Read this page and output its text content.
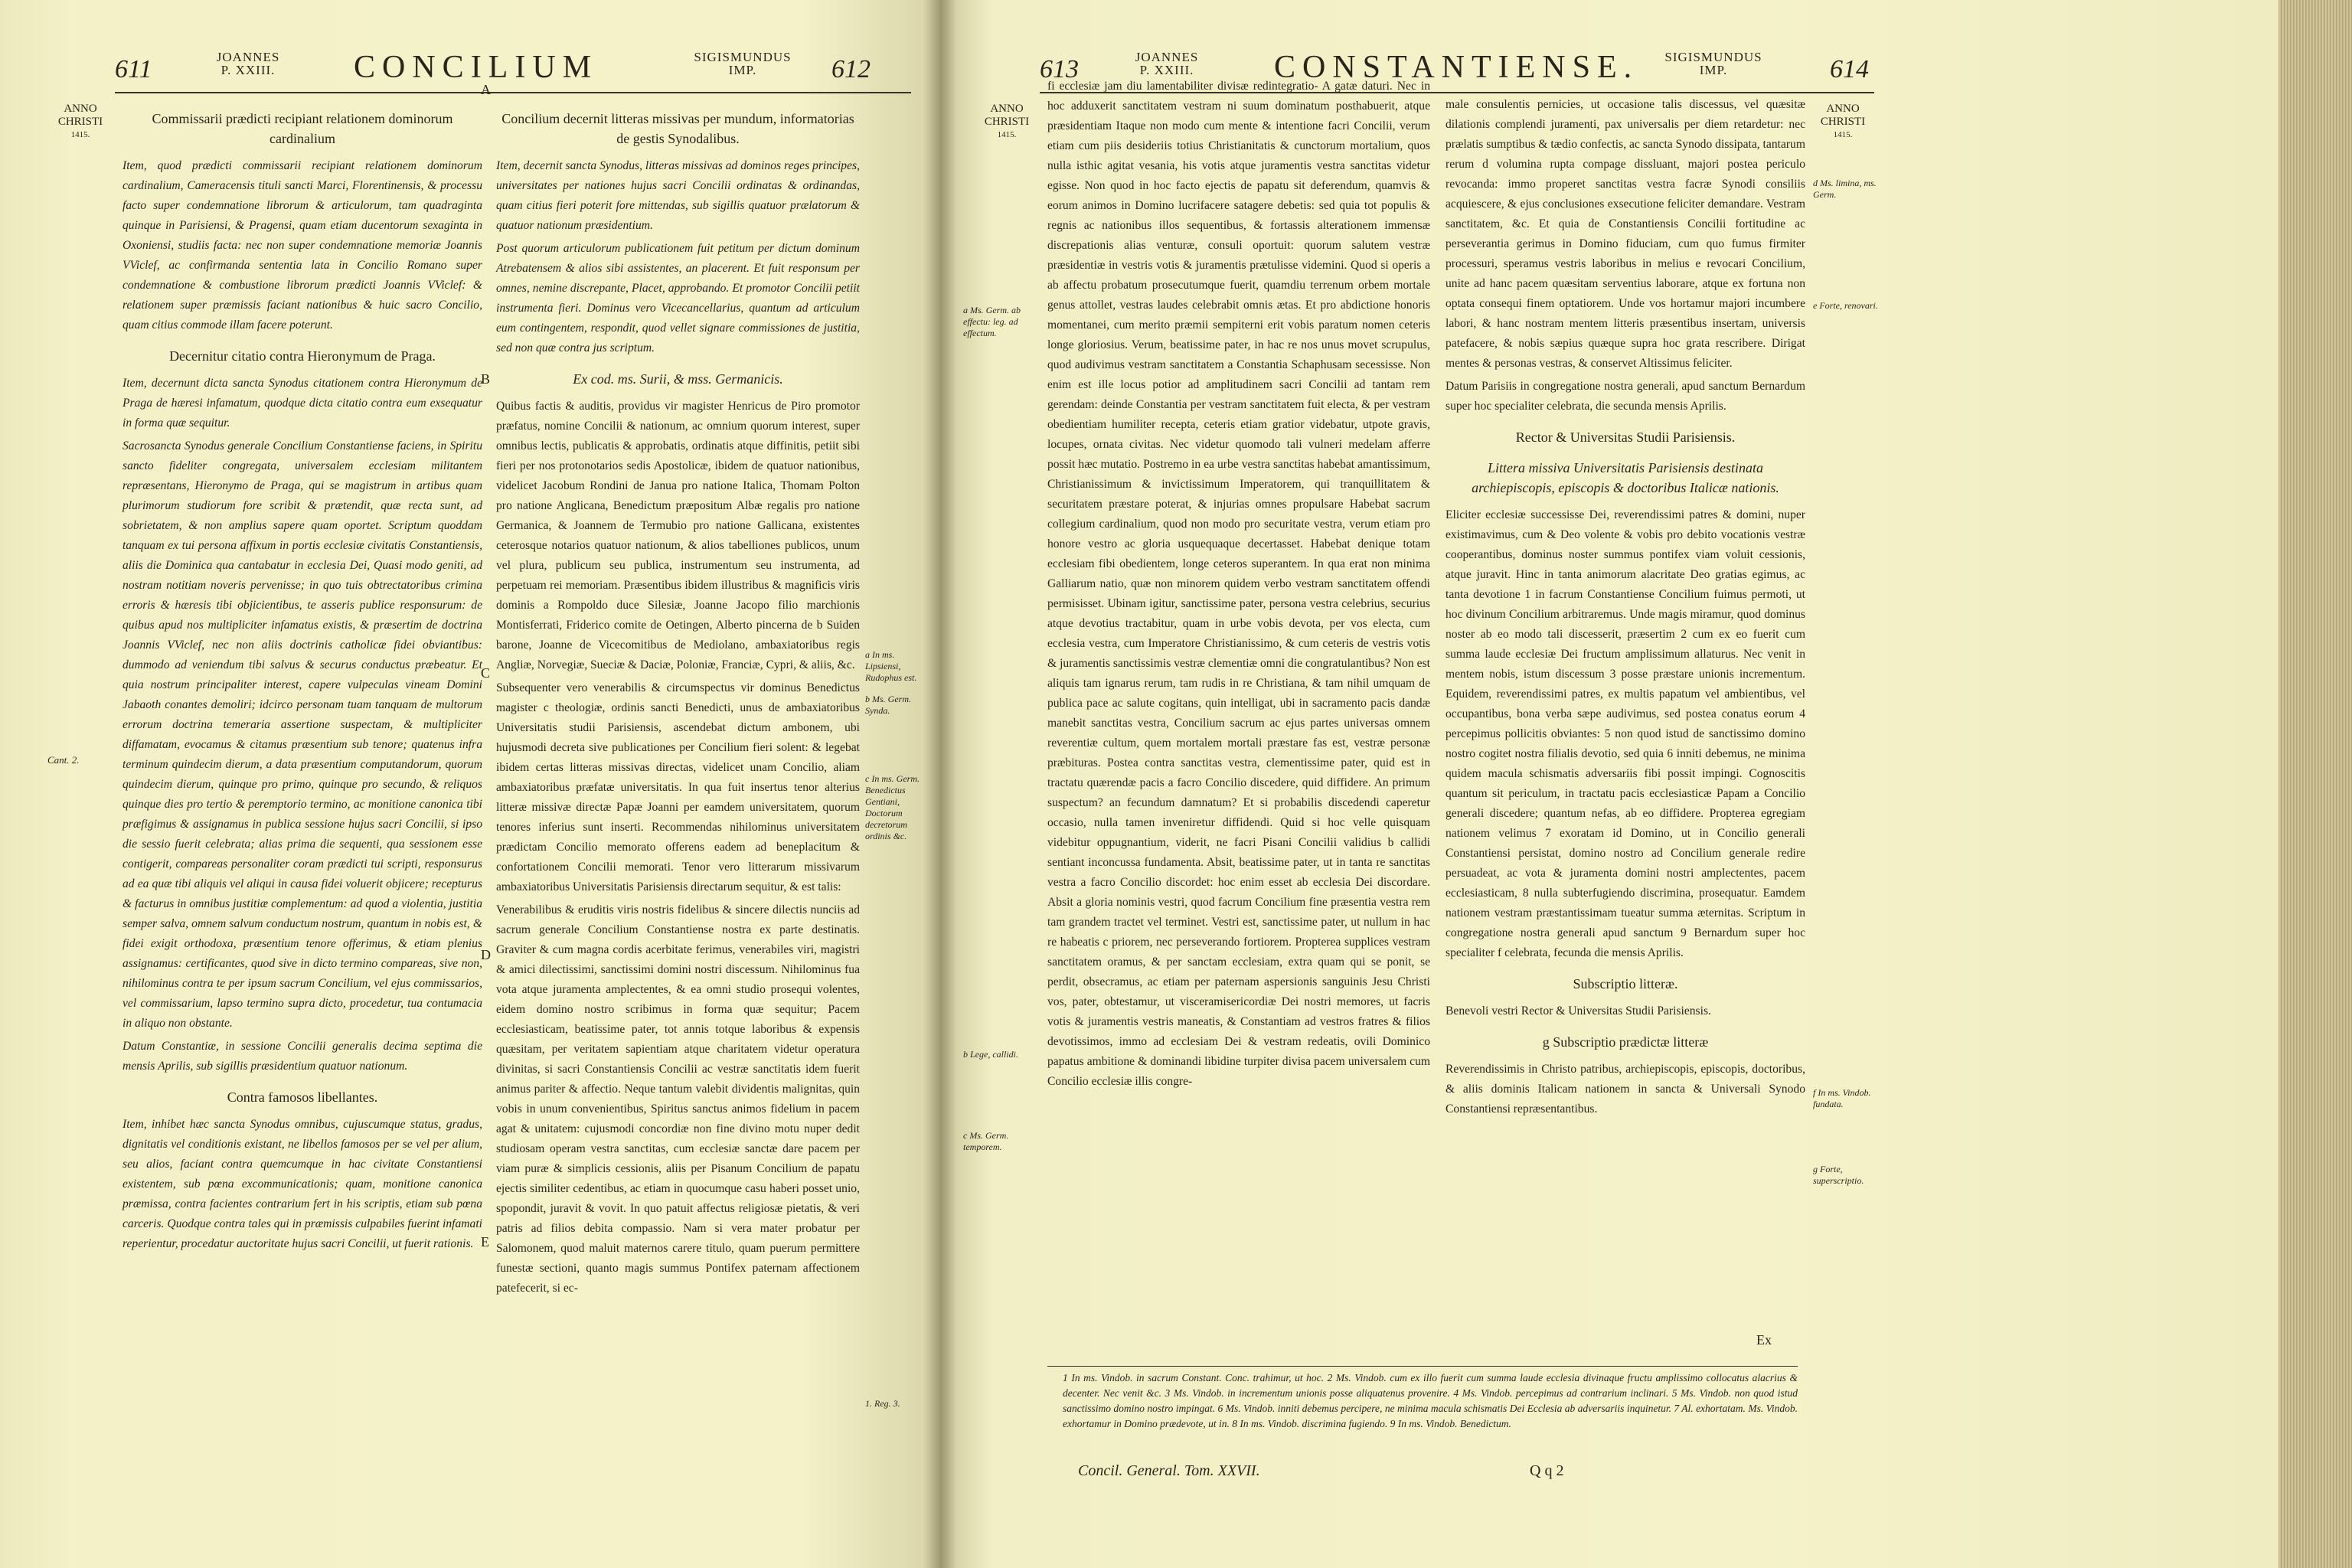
611	JOANNES
P. XXIII.	CONCILIUM	SIGISMUNDUS
IMP.	612
ANNO
CHRISTI
1415.
Commissarii prædicti recipiant relationem dominorum cardinalium

Item, quod prædicti commissarii recipiant relationem dominorum cardinalium, Cameracensis tituli sancti Marci, Florentinensis, & processu facto super condemnatione librorum & articulorum, tam quadraginta quinque in Parisiensi, & Pragensi, quam etiam ducentorum sexaginta in Oxoniensi, studiis facta: nec non super condemnatione memoriæ Joannis VViclef, ac confirmanda sententia lata in Concilio Romano super condemnatione & combustione librorum prædicti Joannis VViclef: & relationem super præmissis faciant nationibus & huic sacro Concilio, quam citius commode illam facere poterunt.

Decernitur citatio contra Hieronymum de Praga.

Item, decernunt dicta sancta Synodus citationem contra Hieronymum de Praga de hæresi infamatum, quodque dicta citatio contra eum exsequatur in forma quæ sequitur.

Sacrosancta Synodus generale Concilium Constantiense faciens, in Spiritu sancto fideliter congregata, universalem ecclesiam militantem repræsentans, Hieronymo de Praga, qui se magistrum in artibus quam plurimorum studiorum fore scribit & prætendit, quæ recta sunt, ad sobrietatem, & non amplius sapere quam oportet. Scriptum quoddam tanquam ex tui persona affixum in portis ecclesiæ civitatis Constantiensis, aliis die Dominica qua cantabatur in ecclesia Dei, Quasi modo geniti, ad nostram notitiam noveris pervenisse; in quo tuis obtrectatoribus crimina erroris & hæresis tibi objicientibus, te asseris publice responsurum: de quibus apud nos multipliciter infamatus existis, & præsertim de doctrina Joannis VViclef, nec non aliis doctrinis catholicæ fidei obviantibus: dummodo ad veniendum tibi salvus & securus conductus præbeatur. Et quia nostrum principaliter interest, capere vulpeculas vineam Domini Jabaoth conantes demoliri; idcirco personam tuam tanquam de multorum errorum doctrina temeraria assertione suspectam, & multipliciter diffamatam, evocamus & citamus præsentium sub tenore; quatenus infra terminum quindecim dierum, a data præsentium computandorum, quorum quindecim dierum, quinque pro primo, quinque pro secundo, & reliquos quinque dies pro tertio & peremptorio termino, ac monitione canonica tibi præfigimus & assignamus in publica sessione hujus sacri Concilii, si ipso die sessio fuerit celebrata; alias prima die sequenti, qua sessionem esse contigerit, compareas personaliter coram prædicti tui scripti, responsurus ad ea quæ tibi aliquis vel aliqui in causa fidei voluerit objicere; recepturus & facturus in omnibus justitiæ complementum: ad quod a violentia, justitia semper salva, omnem salvum conductum nostrum, quantum in nobis est, & fidei exigit orthodoxa, præsentium tenore offerimus, & etiam plenius assignamus: certificantes, quod sive in dicto termino compareas, sive non, nihilominus contra te per ipsum sacrum Concilium, vel ejus commissarios, vel commissarium, lapso termino supra dicto, procedetur, tua contumacia in aliquo non obstante.

Datum Constantiæ, in sessione Concilii generalis decima septima die mensis Aprilis, sub sigillis præsidentium quatuor nationum.

Contra famosos libellantes.

Item, inhibet hæc sancta Synodus omnibus, cujuscumque status, gradus, dignitatis vel conditionis existant, ne libellos famosos per se vel per alium, seu alios, faciant contra quemcumque in hac civitate Constantiensi existentem, sub pœna excommunicationis; quam, monitione canonica præmissa, contra facientes contrarium fert in his scriptis, etiam sub pœna carceris. Quodque contra tales qui in præmissis culpabiles fuerint infamati reperientur, procedatur auctoritate hujus sacri Concilii, ut fuerit rationis.

Concilium decernit litteras missivas per mundum, informatorias de gestis Synodalibus.

Item, decernit sancta Synodus, litteras missivas ad dominos reges principes, universitates per nationes hujus sacri Concilii ordinatas & ordinandas, quam citius fieri poterit fore mittendas, sub sigillis quatuor prælatorum & quatuor nationum præsidentium.

Post quorum articulorum publicationem fuit petitum per dictum dominum Atrebatensem & alios sibi assistentes, an placerent. Et fuit responsum per omnes, nemine discrepante, Placet, approbando. Et promotor Concilii petiit instrumenta fieri. Dominus vero Vicecancellarius, quantum ad articulum eum contingentem, respondit, quod vellet signare commissiones de justitia, sed non quæ contra jus scriptum.

Ex cod. ms. Surii, & mss. Germanicis.

Quibus factis & auditis, providus vir magister Henricus de Piro promotor præfatus, nomine Concilii & nationum, ac omnium quorum interest, super omnibus lectis, publicatis & approbatis, ordinatis atque diffinitis, petiit sibi fieri per nos protonotarios sedis Apostolicæ, ibidem de quatuor nationibus, videlicet Jacobum Rondini de Janua pro natione Italica, Thomam Polton pro natione Anglicana, Benedictum præpositum Albæ regalis pro natione Germanica, & Joannem de Termubio pro natione Gallicana, existentes ceterosque notarios quatuor nationum, & alios tabelliones publicos, unum vel plura, publicum seu publica, instrumentum seu instrumenta, ad perpetuam rei memoriam. Præsentibus ibidem illustribus & magnificis viris dominis a Rompoldo duce Silesiæ, Joanne Jacopo filio marchionis Montisferrati, Friderico comite de Oetingen, Alberto pincerna de b Suiden barone, Joanne de Vicecomitibus de Mediolano, ambaxiatoribus regis Angliæ, Norvegiæ, Sueciæ & Daciæ, Poloniæ, Franciæ, Cypri, & aliis, &c.

Subsequenter vero venerabilis & circumspectus vir dominus Benedictus magister c theologiæ, ordinis sancti Benedicti, unus de ambaxiatoribus Universitatis studii Parisiensis, ascendebat dictum ambonem, ubi hujusmodi decreta sive publicationes per Concilium fieri solent: & legebat ibidem certas litteras missivas directas, videlicet unam Concilio, aliam ambaxiatoribus præfatæ universitatis. In qua fuit insertus tenor alterius litteræ missivæ directæ Papæ Joanni per eamdem universitatem, quorum tenores inferius sunt inserti. Recommendas nihilominus universitatem prædictam Concilio memorato offerens eadem ad beneplacitum & confortationem Concilii memorati. Tenor vero litterarum missivarum ambaxiatoribus Universitatis Parisiensis directarum sequitur, & est talis:

Venerabilibus & eruditis viris nostris fidelibus & sincere dilectis nunciis ad sacrum generale Concilium Constantiense nostra ex parte destinatis. Graviter & cum magna cordis acerbitate ferimus, venerabiles viri, magistri & amici dilectissimi, sanctissimi domini nostri discessum. Nihilominus fua vota atque juramenta amplectentes, & ea omni studio prosequi volentes, eidem domino nostro scribimus in forma quæ sequitur; Pacem ecclesiasticam, beatissime pater, tot annis totque laboribus & expensis quæsitam, per veritatem sapientiam atque charitatem videtur operatura divinitas, si sacri Constantiensis Concilii ac vestræ sanctitatis idem fuerit animus pariter & affectio. Neque tantum valebit dividentis malignitas, quin vobis in unum convenientibus, Spiritus sanctus animos fidelium in pacem agat & unitatem: cujusmodi concordiæ non fine divino motu nuper dedit studiosam operam vestra sanctitas, cum ecclesiæ sanctæ dare pacem per viam puræ & simplicis cessionis, aliis per Pisanum Concilium de papatu ejectis similiter cedentibus, ac etiam in quocumque casu haberi posset unio, spopondit, juravit & vovit. In quo patuit affectus religiosæ pietatis, & veri patris ad filios debita compassio. Nam si vera mater probatur per Salomonem, quod maluit maternos carere titulo, quam puerum permittere funestæ sectioni, quanto magis summus Pontifex paternam affectionem patefecerit, si ec-

Cant. 2.
B
C
D
E
A
a In ms. Lipsiensi, Rudophus est.
b Ms. Germ. Synda.
c In ms. Germ. Benedictus Gentiani, Doctorum decretorum ordinis &c.
1. Reg. 3.
613	JOANNES
P. XXIII.	CONSTANTIENSE.	SIGISMUNDUS
IMP.	614
ANNO
CHRISTI
1415.
ANNO
CHRISTI
1415.

fi ecclesiæ jam diu lamentabiliter divisæ redintegratio- A gatæ daturi. Nec in hoc adduxerit sanctitatem vestram ni suum dominatum posthabuerit, atque præsidentiam Itaque non modo cum mente & intentione facri Concilii, verum etiam cum piis desideriis totius Christianitatis & cunctorum mortalium, quos nulla isthic agitat vesania, his votis atque juramentis vestra sanctitas videtur egisse. Non quod in hoc facto ejectis de papatu sit deferendum, quamvis & eorum animos in Domino lucrifacere satagere debetis: sed quia tot populis & regnis ac nationibus illos sequentibus, & fortassis alterationem immensæ discrepationis alias venturæ, consuli oportuit: quorum salutem vestræ præsidentiæ in vestris votis & juramentis prætulisse videmini. Quod si operis a ab affectu probatum prosecutumque fuerit, quamdiu terrenum orbem mortale genus attollet, vestras laudes celebrabit omnis ætas. Et pro abdictione honoris momentanei, cum merito præmii sempiterni erit vobis paratum nomen ceteris longe gloriosius. Verum, beatissime pater, in hac re nos unus movet scrupulus, quod audivimus vestram sanctitatem a Constantia Schaphusam secessisse. Non enim est ille locus potior ad amplitudinem sacri Concilii ad tantam rem gerendam: deinde Constantia per vestram sanctitatem fuit electa, & per vestram obedientiam humiliter recepta, ceteris etiam gratior videbatur, utpote gravis, locupes, ornata civitas. Nec videtur quomodo tali vulneri medelam afferre possit hæc mutatio. Postremo in ea urbe vestra sanctitas habebat amantissimum, Christianissimum & invictissimum Imperatorem, qui tranquillitatem & securitatem præstare poterat, & injurias omnes propulsare Habebat sacrum collegium cardinalium, quod non modo pro securitate vestra, verum etiam pro honore vestro ac gloria usquequaque decertasset. Habebat denique totam ecclesiam fibi obedientem, longe ceteros superantem. In qua erat non minima Galliarum natio, quæ non minorem quidem verbo vestram sanctitatem offendi permisisset. Ubinam igitur, sanctissime pater, persona vestra celebrius, securius atque devotius tractabitur, quam in urbe vobis devota, per vos electa, cum ecclesia vestra, cum Imperatore Christianissimo, & cum ceteris de vestris votis & juramentis sanctissimis vestræ clementiæ omni die congratulantibus? Non est aliquis tam ignarus rerum, tam rudis in re Christiana, & tam nihil umquam de publica pace ac salute cogitans, quin intelligat, ubi in sacramento pacis dandæ manebit sanctitas vestra, Concilium sacrum ac ejus partes universas omnem reverentiæ cultum, quem mortalem mortali præstare fas est, vestræ personæ præbituras. Postea contra sanctitas vestra, clementissime pater, quid est in tractatu quærendæ pacis a facro Concilio discedere, quid diffidere. An primum suspectum? an fecundum damnatum? Et si probabilis discedendi caperetur occasio, nulla tamen inveniretur diffidendi. Quid si hoc velle quisquam videbitur oppugnantium, viderit, ne facri Pisani Concilii validius b callidi sentiant inconcussa fundamenta. Absit, beatissime pater, ut in tanta re sanctitas vestra a facro Concilio discordet: hoc enim esset ab ecclesia Dei discordare. Absit a gloria nominis vestri, quod facrum Concilium fine præsentia vestra rem tam grandem tractet vel terminet. Vestri est, sanctissime pater, ut nullum in hac re habeatis c priorem, nec perseverando fortiorem. Propterea supplices vestram sanctitatem oramus, & per sanctam ecclesiam, extra quam qui se ponit, se perdit, obsecramus, ac etiam per paternam aspersionis sanguinis Jesu Christi vos, pater, obtestamur, ut visceramisericordiæ Dei nostri memores, ut facris votis & juramentis vestris maneatis, & Constantiam ad vestros fratres & filios devotissimos, immo ad ecclesiam Dei & vestram redeatis, ovili Dominico papatus ambitione & dominandi libidine turpiter divisa pacem universalem cum Concilio ecclesiæ illis congre-

male consulentis pernicies, ut occasione talis discessus, vel quæsitæ dilationis complendi juramenti, pax universalis per diem retardetur: nec prælatis sumptibus & tædio confectis, ac sancta Synodo dissipata, tantarum rerum d volumina rupta compage dissluant, majori postea periculo revocanda: immo properet sanctitas vestra facræ Synodi consiliis acquiescere, & ejus conclusiones exsecutione feliciter demandare. Vestram sanctitatem, &c. Et quia de Constantiensis Concilii fortitudine ac perseverantia gerimus in Domino fiduciam, cum quo fumus firmiter processuri, speramus vestris laboribus in melius e revocari Concilium, unite ad hanc pacem quæsitam serventius laborare, atque ex fortuna non optata consequi finem optatiorem. Unde vos hortamur majori incumbere labori, & hanc nostram mentem litteris præsentibus insertam, universis patefacere, & nobis sæpius quæque supra hoc grata rescribere. Dirigat mentes & personas vestras, & conservet Altissimus feliciter.

Datum Parisiis in congregatione nostra generali, apud sanctum Bernardum super hoc specialiter celebrata, die secunda mensis Aprilis.

Rector & Universitas Studii Parisiensis.
Littera missiva Universitatis Parisiensis destinata archiepiscopis, episcopis & doctoribus Italicæ nationis.

Eliciter ecclesiæ successisse Dei, reverendissimi patres & domini, nuper existimavimus, cum & Deo volente & vobis pro debito vocationis vestræ cooperantibus, dominus noster summus pontifex viam voluit cessionis, atque juravit. Hinc in tanta animorum alacritate Deo gratias egimus, ac tanta devotione 1 in facrum Constantiense Concilium fuimus permoti, ut hoc divinum Concilium arbitraremus. Unde magis miramur, quod dominus noster ab eo modo tali discesserit, præsertim 2 cum ex eo fuerit cum summa laude ecclesiæ Dei fructum amplissimum allaturus. Nec venit in mentem nobis, istum discessum 3 posse præstare unionis incrementum. Equidem, reverendissimi patres, ex multis papatum vel ambientibus, vel occupantibus, bona verba sæpe audivimus, sed postea conatus eorum 4 percepimus pollicitis obviantes: 5 non quod istud de sanctissimo domino nostro cogitet nostra filialis devotio, sed quia 6 inniti debemus, ne minima quidem macula schismatis adversariis fibi possit impingi. Cognoscitis quantum sit periculum, in tractatu pacis ecclesiasticæ Papam a Concilio generali discedere; quantum nefas, ab eo diffidere. Propterea egregiam nationem velimus 7 exoratam id Domino, ut in Concilio generali Constantiensi persistat, domino nostro ad Concilium generale redire persuadeat, ac vota & juramenta domini nostri amplectentes, pacem ecclesiasticam, 8 nulla subterfugiendo discrimina, prosequatur. Eamdem nationem vestram præstantissimam tueatur summa æternitas. Scriptum in congregatione nostra generali apud sanctum 9 Bernardum super hoc specialiter f celebrata, fecunda die mensis Aprilis.

Subscriptio litteræ.

Benevoli vestri Rector & Universitas Studii Parisiensis.

g Subscriptio prædictæ litteræ

Reverendissimis in Christo patribus, archiepiscopis, episcopis, doctoribus, & aliis dominis Italicam nationem in sancta & Universali Synodo Constantiensi repræsentantibus.

a Ms. Germ. ab effectu: leg. ad effectum.
b Lege, callidi.
c Ms. Germ. temporem.
d Ms. limina, ms. Germ.
e Forte, renovari.
f In ms. Vindob. fundata.
g Forte, superscriptio.
Ex
1 In ms. Vindob. in sacrum Constant. Conc. trahimur, ut hoc. 2 Ms. Vindob. cum ex illo fuerit cum summa laude ecclesia divinaque fructu amplissimo collocatus alacrius & decenter. Nec venit &c. 3 Ms. Vindob. in incrementum unionis posse aliquatenus provenire. 4 Ms. Vindob. percepimus ad contrarium inclinari. 5 Ms. Vindob. non quod istud sanctissimo domino nostro impingat. 6 Ms. Vindob. inniti debemus percipere, ne minima macula schismatis Dei Ecclesia ab adversariis inquinetur. 7 Al. exhortatam. Ms. Vindob. exhortamur in Domino prædevote, ut in. 8 In ms. Vindob. discrimina fugiendo. 9 In ms. Vindob. Benedictum.
Concil. General. Tom. XXVII.	Q q 2
